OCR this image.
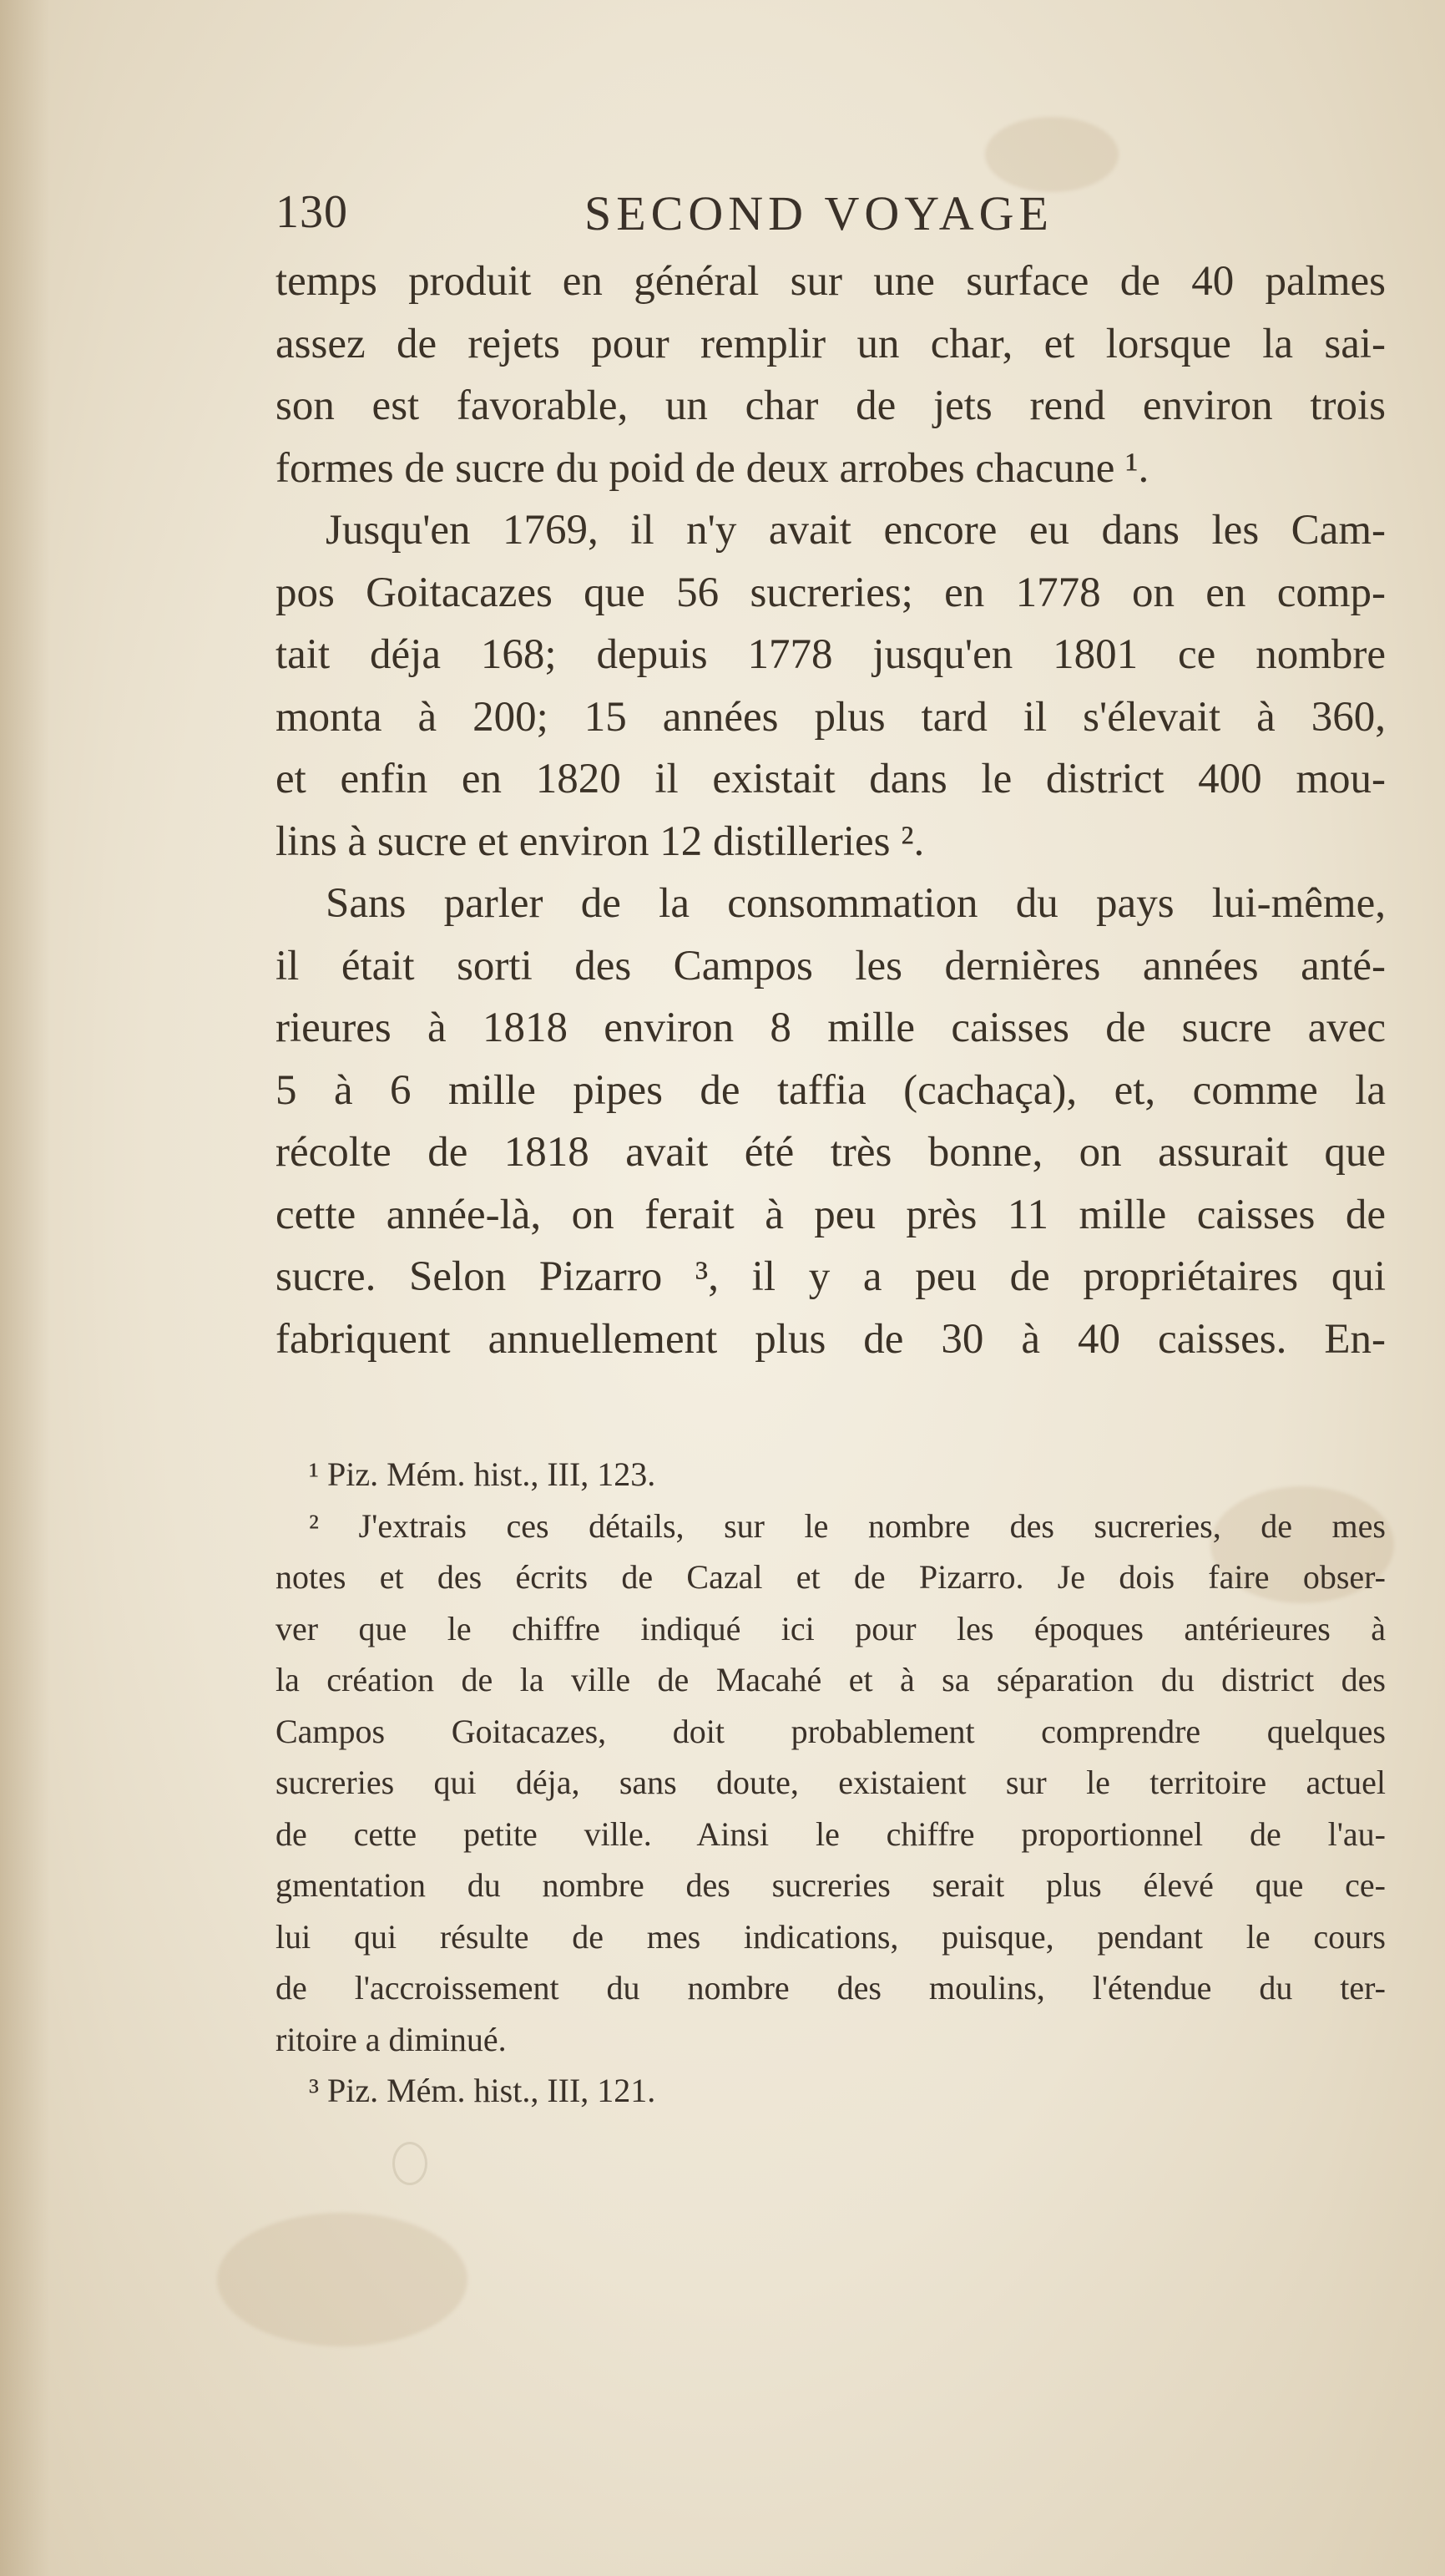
130	SECOND VOYAGE
temps produit en général sur une surface de 40 palmes
assez de rejets pour remplir un char, et lorsque la sai-
son est favorable, un char de jets rend environ trois
formes de sucre du poid de deux arrobes chacune ¹.
Jusqu'en 1769, il n'y avait encore eu dans les Cam-
pos Goitacazes que 56 sucreries; en 1778 on en comp-
tait déja 168; depuis 1778 jusqu'en 1801 ce nombre
monta à 200; 15 années plus tard il s'élevait à 360,
et enfin en 1820 il existait dans le district 400 mou-
lins à sucre et environ 12 distilleries ².
Sans parler de la consommation du pays lui-même,
il était sorti des Campos les dernières années anté-
rieures à 1818 environ 8 mille caisses de sucre avec
5 à 6 mille pipes de taffia (cachaça), et, comme la
récolte de 1818 avait été très bonne, on assurait que
cette année-là, on ferait à peu près 11 mille caisses de
sucre. Selon Pizarro ³, il y a peu de propriétaires qui
fabriquent annuellement plus de 30 à 40 caisses. En-
¹ Piz. Mém. hist., III, 123.
² J'extrais ces détails, sur le nombre des sucreries, de mes
notes et des écrits de Cazal et de Pizarro. Je dois faire obser-
ver que le chiffre indiqué ici pour les époques antérieures à
la création de la ville de Macahé et à sa séparation du district des
Campos Goitacazes, doit probablement comprendre quelques
sucreries qui déja, sans doute, existaient sur le territoire actuel
de cette petite ville. Ainsi le chiffre proportionnel de l'au-
gmentation du nombre des sucreries serait plus élevé que ce-
lui qui résulte de mes indications, puisque, pendant le cours
de l'accroissement du nombre des moulins, l'étendue du ter-
ritoire a diminué.
³ Piz. Mém. hist., III, 121.
